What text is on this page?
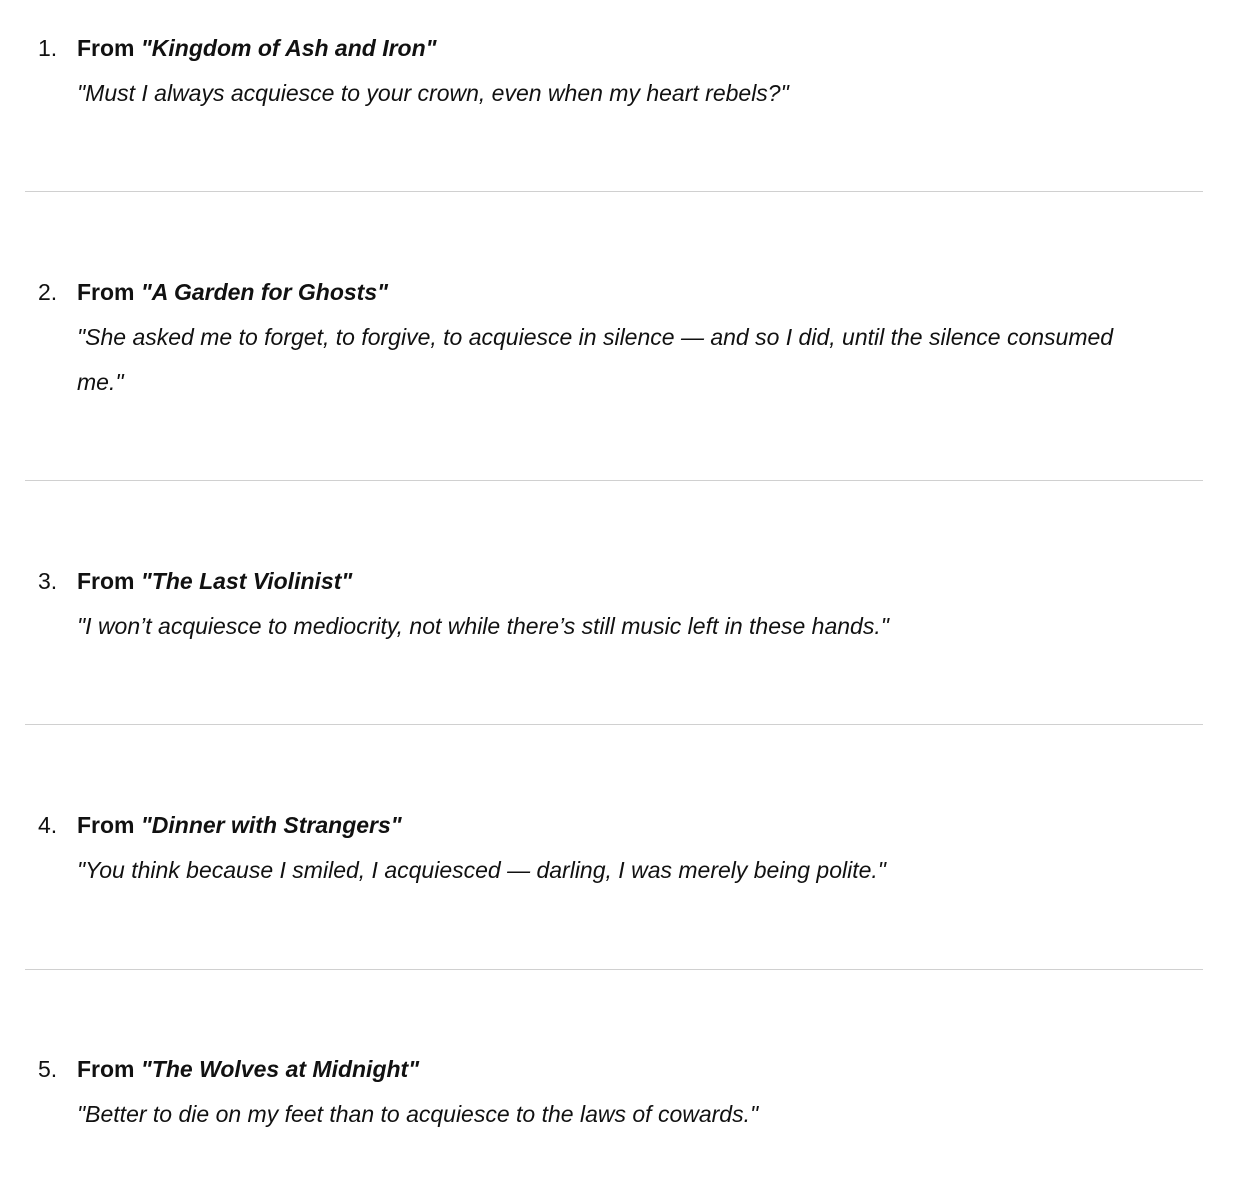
1. From "Kingdom of Ash and Iron"
"Must I always acquiesce to your crown, even when my heart rebels?"
2. From "A Garden for Ghosts"
"She asked me to forget, to forgive, to acquiesce in silence — and so I did, until the silence consumed me."
3. From "The Last Violinist"
"I won’t acquiesce to mediocrity, not while there’s still music left in these hands."
4. From "Dinner with Strangers"
"You think because I smiled, I acquiesced — darling, I was merely being polite."
5. From "The Wolves at Midnight"
"Better to die on my feet than to acquiesce to the laws of cowards."
